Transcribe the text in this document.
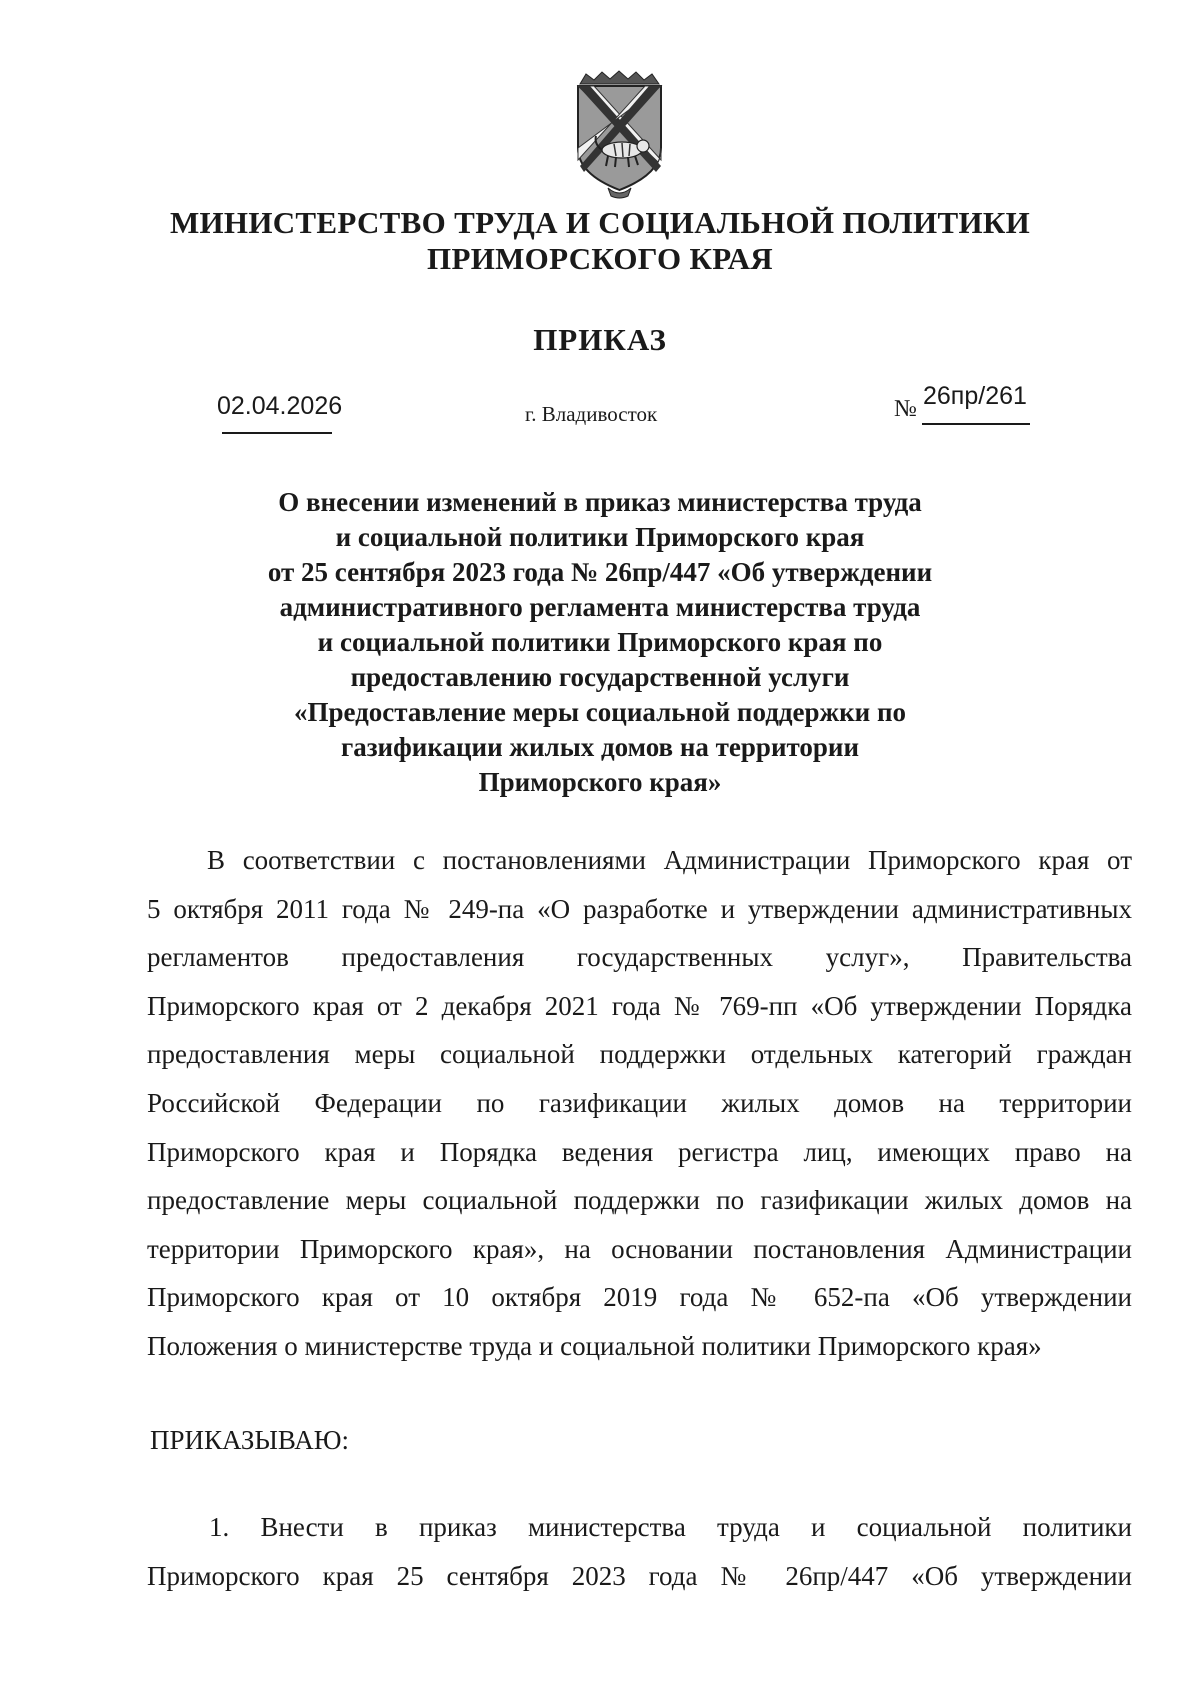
МИНИСТЕРСТВО ТРУДА И СОЦИАЛЬНОЙ ПОЛИТИКИ
ПРИМОРСКОГО КРАЯ
ПРИКАЗ
02.04.2026	г. Владивосток	№ 26пр/261
О внесении изменений в приказ министерства труда
и социальной политики Приморского края
от 25 сентября 2023 года № 26пр/447 «Об утверждении
административного регламента министерства труда
и социальной политики Приморского края по
предоставлению государственной услуги
«Предоставление меры социальной поддержки по
газификации жилых домов на территории
Приморского края»
В соответствии с постановлениями Администрации Приморского края от
5 октября 2011 года № 249-па «О разработке и утверждении административных
регламентов предоставления государственных услуг», Правительства
Приморского края от 2 декабря 2021 года № 769-пп «Об утверждении Порядка
предоставления меры социальной поддержки отдельных категорий граждан
Российской Федерации по газификации жилых домов на территории
Приморского края и Порядка ведения регистра лиц, имеющих право на
предоставление меры социальной поддержки по газификации жилых домов на
территории Приморского края», на основании постановления Администрации
Приморского края от 10 октября 2019 года № 652-па «Об утверждении
Положения о министерстве труда и социальной политики Приморского края»
ПРИКАЗЫВАЮ:
1. Внести в приказ министерства труда и социальной политики
Приморского края 25 сентября 2023 года № 26пр/447 «Об утверждении
